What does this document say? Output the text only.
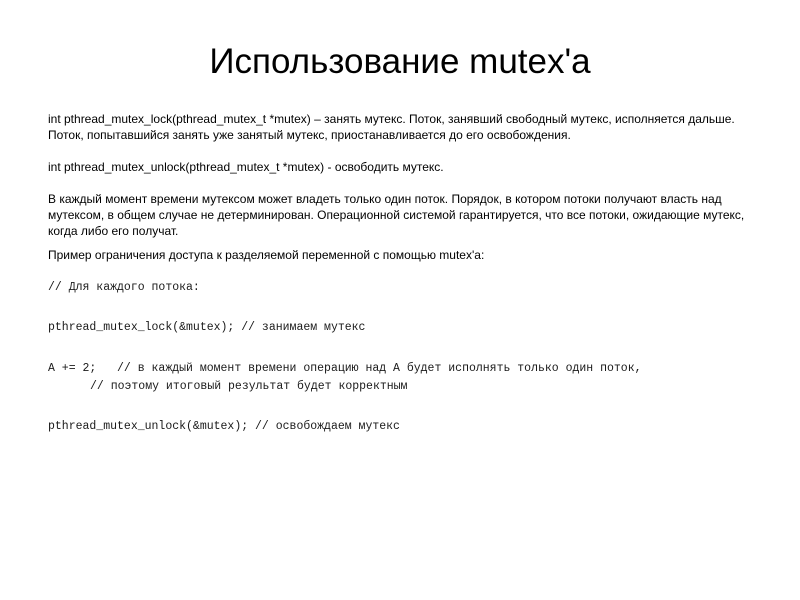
Использование mutex'a

int pthread_mutex_lock(pthread_mutex_t *mutex) – занять мутекс. Поток, занявший свободный мутекс, исполняется дальше. Поток, попытавшийся занять уже занятый мутекс, приостанавливается до его освобождения.

int pthread_mutex_unlock(pthread_mutex_t *mutex) - освободить мутекс.

В каждый момент времени мутексом может владеть только один поток. Порядок, в котором потоки получают власть над мутексом, в общем случае не детерминирован. Операционной системой гарантируется, что все потоки, ожидающие мутекс, когда либо его получат.

Пример ограничения доступа к разделяемой переменной с помощью mutex'a:

// Для каждого потока:
pthread_mutex_lock(&mutex); // занимаем мутекс
A += 2;   // в каждый момент времени операцию над А будет исполнять только один поток,
// поэтому итоговый результат будет корректным
pthread_mutex_unlock(&mutex); // освобождаем мутекс
